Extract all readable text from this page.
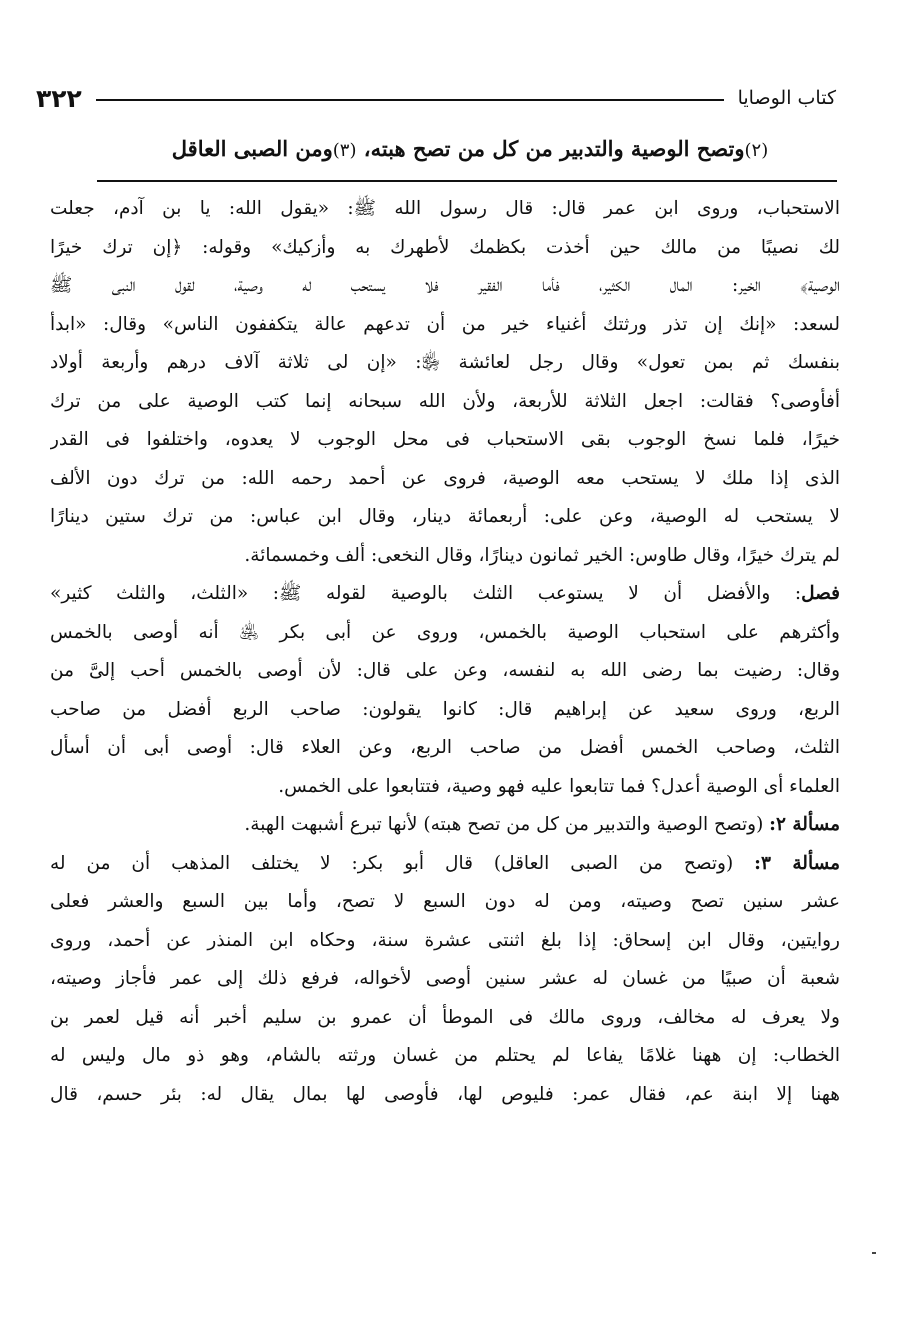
٣٢٢	كتاب الوصايا
(٢)وتصح الوصية والتدبير من كل من تصح هبته، (٣)ومن الصبى العاقل
الاستحباب، وروى ابن عمر قال: قال رسول الله ﷺ: «يقول الله: يا بن آدم، جعلت
لك نصيبًا من مالك حين أخذت بكظمك لأطهرك به وأزكيك» وقوله: ﴿إن ترك خيرًا
الوصية﴾ الخير: المال الكثير، فأما الفقير فلا يستحب له وصية، لقول النبى ﷺ
لسعد: «إنك إن تذر ورثتك أغنياء خير من أن تدعهم عالة يتكففون الناس» وقال: «ابدأ
بنفسك ثم بمن تعول» وقال رجل لعائشة ﵂: «إن لى ثلاثة آلاف درهم وأربعة أولاد
أفأوصى؟ فقالت: اجعل الثلاثة للأربعة، ولأن الله سبحانه إنما كتب الوصية على من ترك
خيرًا، فلما نسخ الوجوب بقى الاستحباب فى محل الوجوب لا يعدوه، واختلفوا فى القدر
الذى إذا ملك لا يستحب معه الوصية، فروى عن أحمد رحمه الله: من ترك دون الألف
لا يستحب له الوصية، وعن على: أربعمائة دينار، وقال ابن عباس: من ترك ستين دينارًا
لم يترك خيرًا، وقال طاوس: الخير ثمانون دينارًا، وقال النخعى: ألف وخمسمائة.
فصل: والأفضل أن لا يستوعب الثلث بالوصية لقوله ﷺ: «الثلث، والثلث كثير»
وأكثرهم على استحباب الوصية بالخمس، وروى عن أبى بكر ﵁ أنه أوصى بالخمس
وقال: رضيت بما رضى الله به لنفسه، وعن على قال: لأن أوصى بالخمس أحب إلىَّ من
الربع، وروى سعيد عن إبراهيم قال: كانوا يقولون: صاحب الربع أفضل من صاحب
الثلث، وصاحب الخمس أفضل من صاحب الربع، وعن العلاء قال: أوصى أبى أن أسأل
العلماء أى الوصية أعدل؟ فما تتابعوا عليه فهو وصية، فتتابعوا على الخمس.
مسألة ٢: (وتصح الوصية والتدبير من كل من تصح هبته) لأنها تبرع أشبهت الهبة.
مسألة ٣: (وتصح من الصبى العاقل) قال أبو بكر: لا يختلف المذهب أن من له
عشر سنين تصح وصيته، ومن له دون السبع لا تصح، وأما بين السبع والعشر فعلى
روايتين، وقال ابن إسحاق: إذا بلغ اثنتى عشرة سنة، وحكاه ابن المنذر عن أحمد، وروى
شعبة أن صبيًا من غسان له عشر سنين أوصى لأخواله، فرفع ذلك إلى عمر فأجاز وصيته،
ولا يعرف له مخالف، وروى مالك فى الموطأ أن عمرو بن سليم أخبر أنه قيل لعمر بن
الخطاب: إن ههنا غلامًا يفاعا لم يحتلم من غسان ورثته بالشام، وهو ذو مال وليس له
ههنا إلا ابنة عم، فقال عمر: فليوص لها، فأوصى لها بمال يقال له: بئر حسم، قال
